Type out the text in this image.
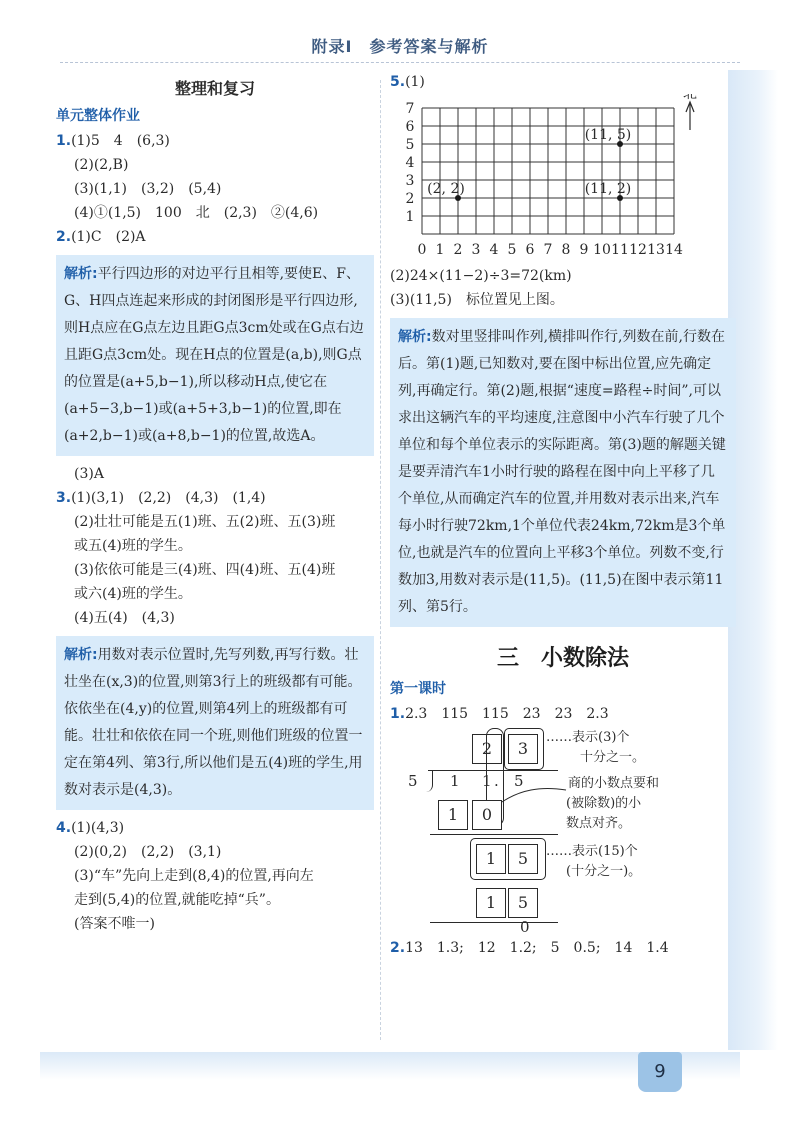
附录Ⅰ　参考答案与解析
整理和复习
单元整体作业
1.(1)5　4　(6,3)
(2)(2,B)
(3)(1,1)　(3,2)　(5,4)
(4)①(1,5)　100　北　(2,3)　②(4,6)
2.(1)C　(2)A
解析:平行四边形的对边平行且相等,要使E、F、G、H四点连起来形成的封闭图形是平行四边形,则H点应在G点左边且距G点3cm处或在G点右边且距G点3cm处。现在H点的位置是(a,b),则G点的位置是(a+5,b−1),所以移动H点,使它在(a+5−3,b−1)或(a+5+3,b−1)的位置,即在(a+2,b−1)或(a+8,b−1)的位置,故选A。
(3)A
3.(1)(3,1)　(2,2)　(4,3)　(1,4)
(2)壮壮可能是五(1)班、五(2)班、五(3)班
或五(4)班的学生。
(3)依依可能是三(4)班、四(4)班、五(4)班
或六(4)班的学生。
(4)五(4)　(4,3)
解析:用数对表示位置时,先写列数,再写行数。壮壮坐在(x,3)的位置,则第3行上的班级都有可能。依依坐在(4,y)的位置,则第4列上的班级都有可能。壮壮和依依在同一个班,则他们班级的位置一定在第4列、第3行,所以他们是五(4)班的学生,用数对表示是(4,3)。
4.(1)(4,3)
(2)(0,2)　(2,2)　(3,1)
(3)“车”先向上走到(8,4)的位置,再向左
走到(5,4)的位置,就能吃掉“兵”。
(答案不唯一)
5.(1)
0 1 2 3 4 5 6 7 8 9 10 11 12 13 14
1
2
3
4
5
6
7
(2, 2)	(11, 2)
(11, 5)
北
(2)24×(11−2)÷3=72(km)
(3)(11,5)　标位置见上图。
解析:数对里竖排叫作列,横排叫作行,列数在前,行数在后。第(1)题,已知数对,要在图中标出位置,应先确定列,再确定行。第(2)题,根据“速度=路程÷时间”,可以求出这辆汽车的平均速度,注意图中小汽车行驶了几个单位和每个单位表示的实际距离。第(3)题的解题关键是要弄清汽车1小时行驶的路程在图中向上平移了几个单位,从而确定汽车的位置,并用数对表示出来,汽车每小时行驶72km,1个单位代表24km,72km是3个单位,也就是汽车的位置向上平移3个单位。列数不变,行数加3,用数对表示是(11,5)。(11,5)在图中表示第11列、第5行。
三　小数除法
第一课时
1.2.3　115　115　23　23　2.3
2	3
5 1 1 . 5
1	0
1	5
1	5
0
……表示(3)个
十分之一。
商的小数点要和
(被除数)的小
数点对齐。
……表示(15)个
(十分之一)。
2.13　1.3;　12　1.2;　5　0.5;　14　1.4
9
